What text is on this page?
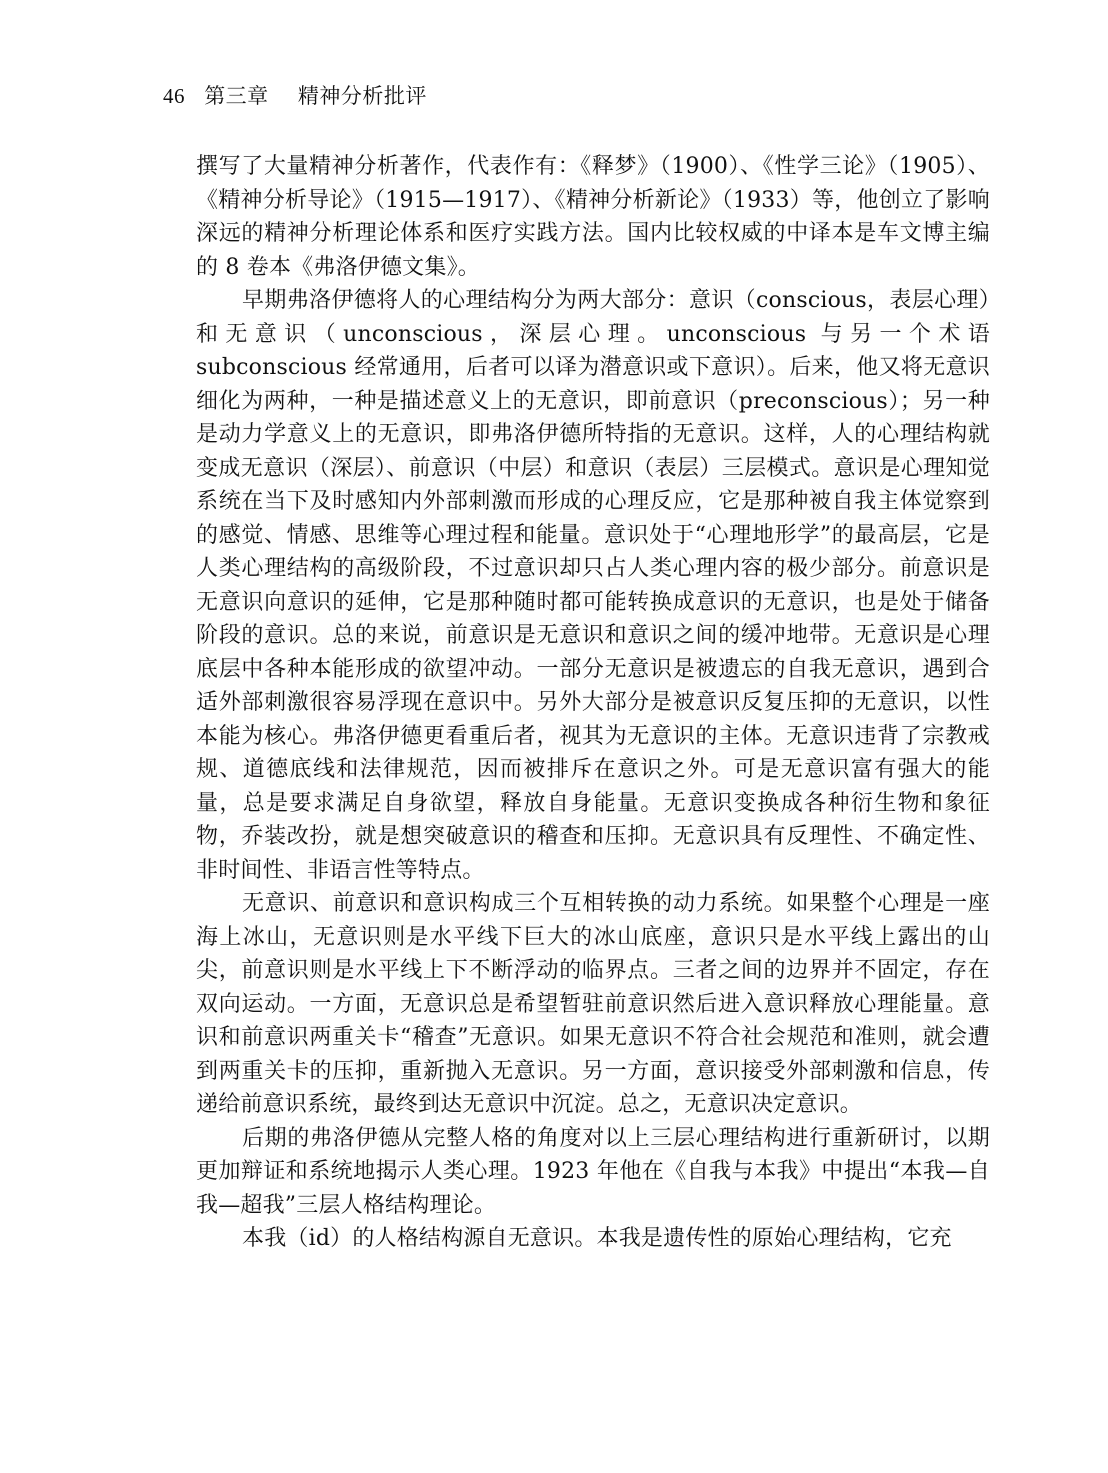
46 第三章 精神分析批评

撰写了大量精神分析著作，代表作有：《释梦》（1900）、《性学三论》（1905）、《精神分析导论》（1915—1917）、《精神分析新论》（1933）等，他创立了影响深远的精神分析理论体系和医疗实践方法。国内比较权威的中译本是车文博主编的 8 卷本《弗洛伊德文集》。

早期弗洛伊德将人的心理结构分为两大部分：意识（conscious，表层心理）和无意识（unconscious，深层心理。unconscious 与另一个术语 subconscious 经常通用，后者可以译为潜意识或下意识）。后来，他又将无意识细化为两种，一种是描述意义上的无意识，即前意识（preconscious）；另一种是动力学意义上的无意识，即弗洛伊德所特指的无意识。这样，人的心理结构就变成无意识（深层）、前意识（中层）和意识（表层）三层模式。意识是心理知觉系统在当下及时感知内外部刺激而形成的心理反应，它是那种被自我主体觉察到的感觉、情感、思维等心理过程和能量。意识处于“心理地形学”的最高层，它是人类心理结构的高级阶段，不过意识却只占人类心理内容的极少部分。前意识是无意识向意识的延伸，它是那种随时都可能转换成意识的无意识，也是处于储备阶段的意识。总的来说，前意识是无意识和意识之间的缓冲地带。无意识是心理底层中各种本能形成的欲望冲动。一部分无意识是被遗忘的自我无意识，遇到合适外部刺激很容易浮现在意识中。另外大部分是被意识反复压抑的无意识，以性本能为核心。弗洛伊德更看重后者，视其为无意识的主体。无意识违背了宗教戒规、道德底线和法律规范，因而被排斥在意识之外。可是无意识富有强大的能量，总是要求满足自身欲望，释放自身能量。无意识变换成各种衍生物和象征物，乔装改扮，就是想突破意识的稽查和压抑。无意识具有反理性、不确定性、非时间性、非语言性等特点。

无意识、前意识和意识构成三个互相转换的动力系统。如果整个心理是一座海上冰山，无意识则是水平线下巨大的冰山底座，意识只是水平线上露出的山尖，前意识则是水平线上下不断浮动的临界点。三者之间的边界并不固定，存在双向运动。一方面，无意识总是希望暂驻前意识然后进入意识释放心理能量。意识和前意识两重关卡“稽查”无意识。如果无意识不符合社会规范和准则，就会遭到两重关卡的压抑，重新抛入无意识。另一方面，意识接受外部刺激和信息，传递给前意识系统，最终到达无意识中沉淀。总之，无意识决定意识。

后期的弗洛伊德从完整人格的角度对以上三层心理结构进行重新研讨，以期更加辩证和系统地揭示人类心理。1923 年他在《自我与本我》中提出“本我—自我—超我”三层人格结构理论。

本我（id）的人格结构源自无意识。本我是遗传性的原始心理结构，它充
